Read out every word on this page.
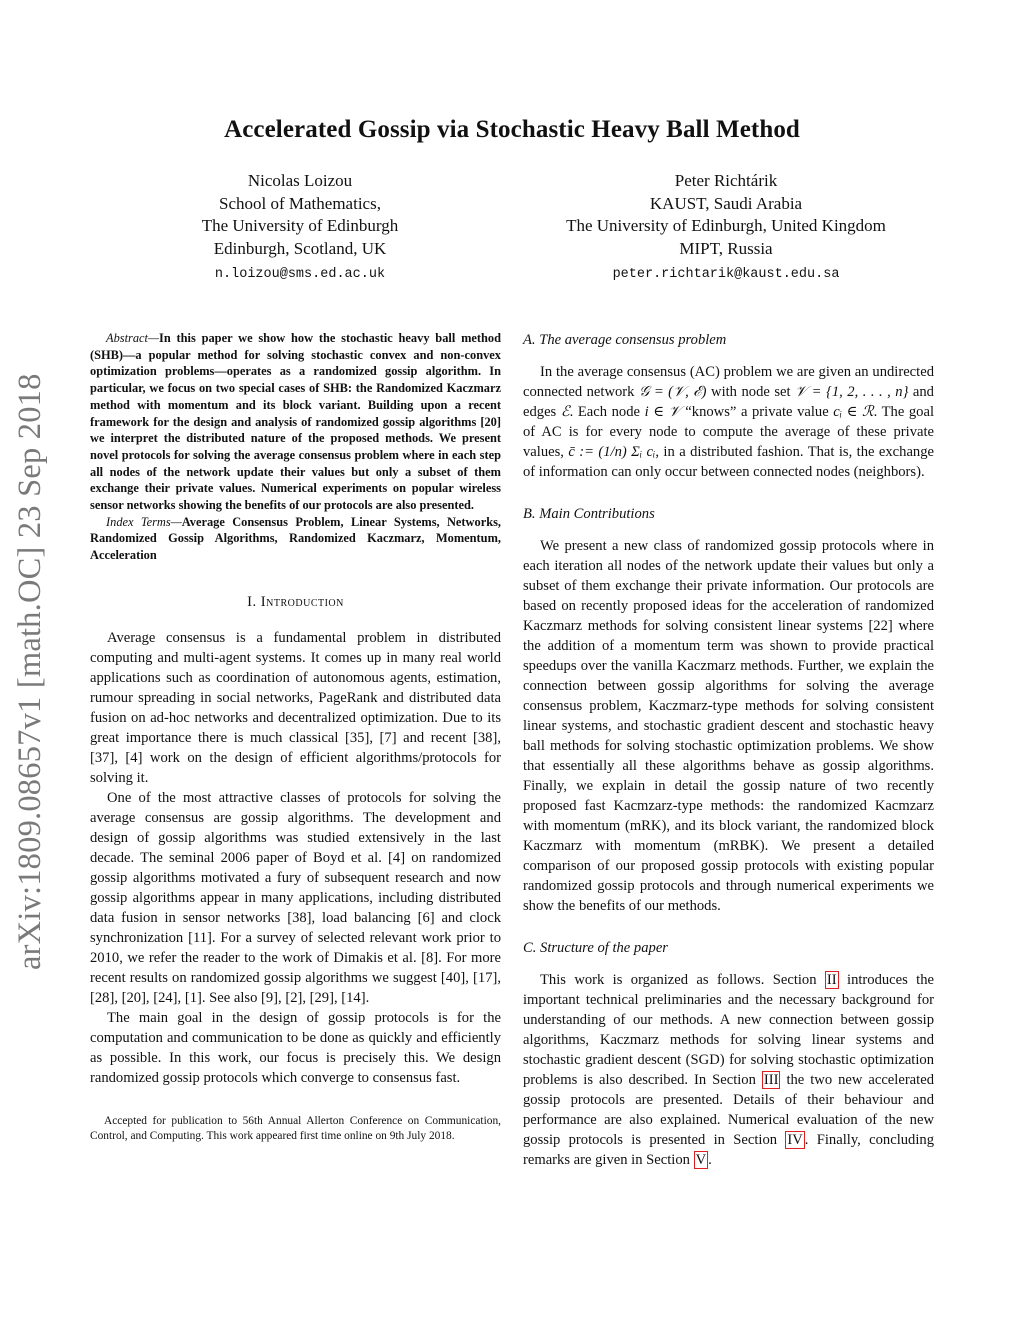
Accelerated Gossip via Stochastic Heavy Ball Method
Nicolas Loizou
School of Mathematics,
The University of Edinburgh
Edinburgh, Scotland, UK
n.loizou@sms.ed.ac.uk
Peter Richtárik
KAUST, Saudi Arabia
The University of Edinburgh, United Kingdom
MIPT, Russia
peter.richtarik@kaust.edu.sa
arXiv:1809.08657v1 [math.OC] 23 Sep 2018

Abstract—In this paper we show how the stochastic heavy ball method (SHB)—a popular method for solving stochastic convex and non-convex optimization problems—operates as a randomized gossip algorithm. In particular, we focus on two special cases of SHB: the Randomized Kaczmarz method with momentum and its block variant. Building upon a recent framework for the design and analysis of randomized gossip algorithms [20] we interpret the distributed nature of the proposed methods. We present novel protocols for solving the average consensus problem where in each step all nodes of the network update their values but only a subset of them exchange their private values. Numerical experiments on popular wireless sensor networks showing the benefits of our protocols are also presented.

Index Terms—Average Consensus Problem, Linear Systems, Networks, Randomized Gossip Algorithms, Randomized Kaczmarz, Momentum, Acceleration

I. Introduction

Average consensus is a fundamental problem in distributed computing and multi-agent systems. It comes up in many real world applications such as coordination of autonomous agents, estimation, rumour spreading in social networks, PageRank and distributed data fusion on ad-hoc networks and decentralized optimization. Due to its great importance there is much classical [35], [7] and recent [38], [37], [4] work on the design of efficient algorithms/protocols for solving it.

One of the most attractive classes of protocols for solving the average consensus are gossip algorithms. The development and design of gossip algorithms was studied extensively in the last decade. The seminal 2006 paper of Boyd et al. [4] on randomized gossip algorithms motivated a fury of subsequent research and now gossip algorithms appear in many applications, including distributed data fusion in sensor networks [38], load balancing [6] and clock synchronization [11]. For a survey of selected relevant work prior to 2010, we refer the reader to the work of Dimakis et al. [8]. For more recent results on randomized gossip algorithms we suggest [40], [17], [28], [20], [24], [1]. See also [9], [2], [29], [14].

The main goal in the design of gossip protocols is for the computation and communication to be done as quickly and efficiently as possible. In this work, our focus is precisely this. We design randomized gossip protocols which converge to consensus fast.

Accepted for publication to 56th Annual Allerton Conference on Communication, Control, and Computing. This work appeared first time online on 9th July 2018.
A. The average consensus problem

In the average consensus (AC) problem we are given an undirected connected network 𝒢 = (𝒱, ℰ) with node set 𝒱 = {1, 2, . . . , n} and edges ℰ. Each node i ∈ 𝒱 “knows” a private value cᵢ ∈ ℛ. The goal of AC is for every node to compute the average of these private values, c̄ := (1/n) Σᵢ cᵢ, in a distributed fashion. That is, the exchange of information can only occur between connected nodes (neighbors).

B. Main Contributions

We present a new class of randomized gossip protocols where in each iteration all nodes of the network update their values but only a subset of them exchange their private information. Our protocols are based on recently proposed ideas for the acceleration of randomized Kaczmarz methods for solving consistent linear systems [22] where the addition of a momentum term was shown to provide practical speedups over the vanilla Kaczmarz methods. Further, we explain the connection between gossip algorithms for solving the average consensus problem, Kaczmarz-type methods for solving consistent linear systems, and stochastic gradient descent and stochastic heavy ball methods for solving stochastic optimization problems. We show that essentially all these algorithms behave as gossip algorithms. Finally, we explain in detail the gossip nature of two recently proposed fast Kacmzarz-type methods: the randomized Kacmzarz with momentum (mRK), and its block variant, the randomized block Kaczmarz with momentum (mRBK). We present a detailed comparison of our proposed gossip protocols with existing popular randomized gossip protocols and through numerical experiments we show the benefits of our methods.

C. Structure of the paper

This work is organized as follows. Section II introduces the important technical preliminaries and the necessary background for understanding of our methods. A new connection between gossip algorithms, Kaczmarz methods for solving linear systems and stochastic gradient descent (SGD) for solving stochastic optimization problems is also described. In Section III the two new accelerated gossip protocols are presented. Details of their behaviour and performance are also explained. Numerical evaluation of the new gossip protocols is presented in Section IV . Finally, concluding remarks are given in Section V .
